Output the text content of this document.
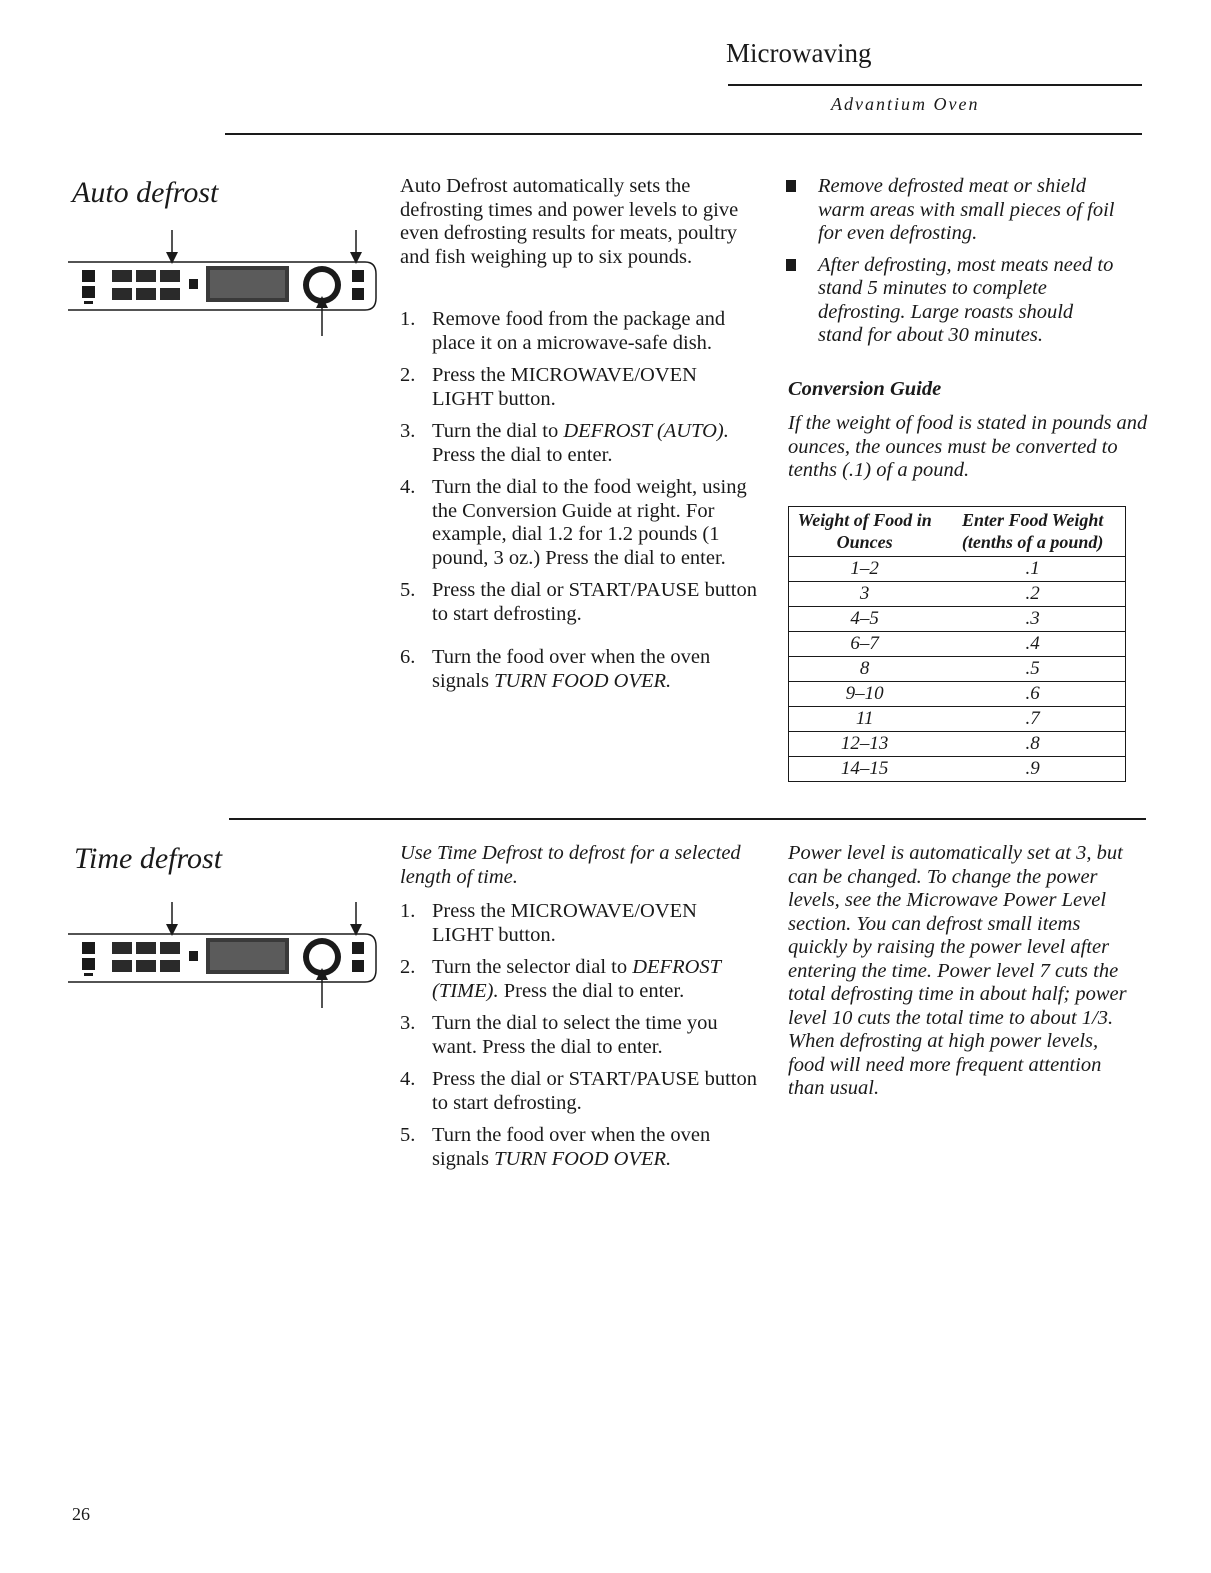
Microwaving
Advantium Oven
Auto defrost	Auto Defrost automatically sets the defrosting times and power levels to give even defrosting results for meats, poultry and fish weighing up to six pounds.
1. Remove food from the package and place it on a microwave-safe dish.
2. Press the MICROWAVE/OVEN LIGHT button.
3. Turn the dial to DEFROST (AUTO). Press the dial to enter.
4. Turn the dial to the food weight, using the Conversion Guide at right. For example, dial 1.2 for 1.2 pounds (1 pound, 3 oz.) Press the dial to enter.
5. Press the dial or START/PAUSE button to start defrosting.
6. Turn the food over when the oven signals TURN FOOD OVER.
Remove defrosted meat or shield warm areas with small pieces of foil for even defrosting.
After defrosting, most meats need to stand 5 minutes to complete defrosting. Large roasts should stand for about 30 minutes.
Conversion Guide
If the weight of food is stated in pounds and ounces, the ounces must be converted to tenths (.1) of a pound.
Weight of Food in Ounces	Enter Food Weight (tenths of a pound)
1–2	.1
3	.2
4–5	.3
6–7	.4
8	.5
9–10	.6
11	.7
12–13	.8
14–15	.9
Time defrost	Use Time Defrost to defrost for a selected length of time.
1. Press the MICROWAVE/OVEN LIGHT button.
2. Turn the selector dial to DEFROST (TIME). Press the dial to enter.
3. Turn the dial to select the time you want. Press the dial to enter.
4. Press the dial or START/PAUSE button to start defrosting.
5. Turn the food over when the oven signals TURN FOOD OVER.
Power level is automatically set at 3, but can be changed. To change the power levels, see the Microwave Power Level section. You can defrost small items quickly by raising the power level after entering the time. Power level 7 cuts the total defrosting time in about half; power level 10 cuts the total time to about 1/3. When defrosting at high power levels, food will need more frequent attention than usual.
26
